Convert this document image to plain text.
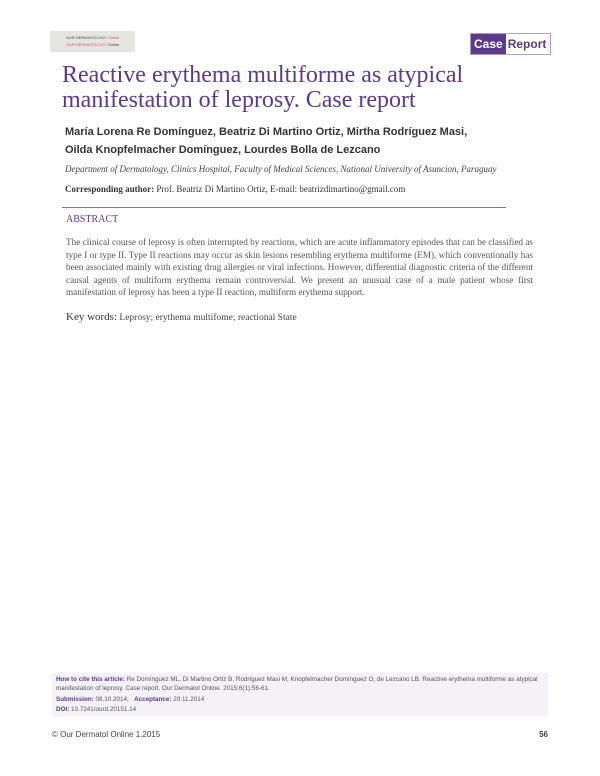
OUR DERMATOLOGY Online
OUR DERMATOLOGY Online	Case Report
Reactive erythema multiforme as atypical manifestation of leprosy. Case report
María Lorena Re Domínguez, Beatriz Di Martino Ortiz, Mirtha Rodríguez Masi,
Oilda Knopfelmacher Domínguez, Lourdes Bolla de Lezcano
Department of Dermatology, Clinics Hospital, Faculty of Medical Sciences, National University of Asuncion, Paraguay
Corresponding author: Prof. Beatriz Di Martino Ortiz, E-mail: beatrizdimartino@gmail.com
ABSTRACT
The clinical course of leprosy is often interrupted by reactions, which are acute inflammatory episodes that can be classified as type I or type II. Type II reactions may occur as skin lesions resembling erythema multiforme (EM), which conventionally has been associated mainly with existing drug allergies or viral infections. However, differential diagnostic criteria of the different causal agents of multiform erythema remain controversial. We present an unusual case of a male patient whose first manifestation of leprosy has been a type II reaction, multiform erythema support.
Key words: Leprosy; erythema multifome; reactional State
How to cite this article: Re Domínguez ML, Di Martino Ortiz B, Rodríguez Masi M, Knopfelmacher Domínguez O, de Lezcano LB. Reactive erythema multiforme as atypical manifestation of leprosy. Case report. Our Dermatol Online. 2015;6(1):56-61.
Submission: 08.10.2014; Acceptance: 20.11.2014
DOI: 10.7241/ourd.20151.14
© Our Dermatol Online 1.2015	56
